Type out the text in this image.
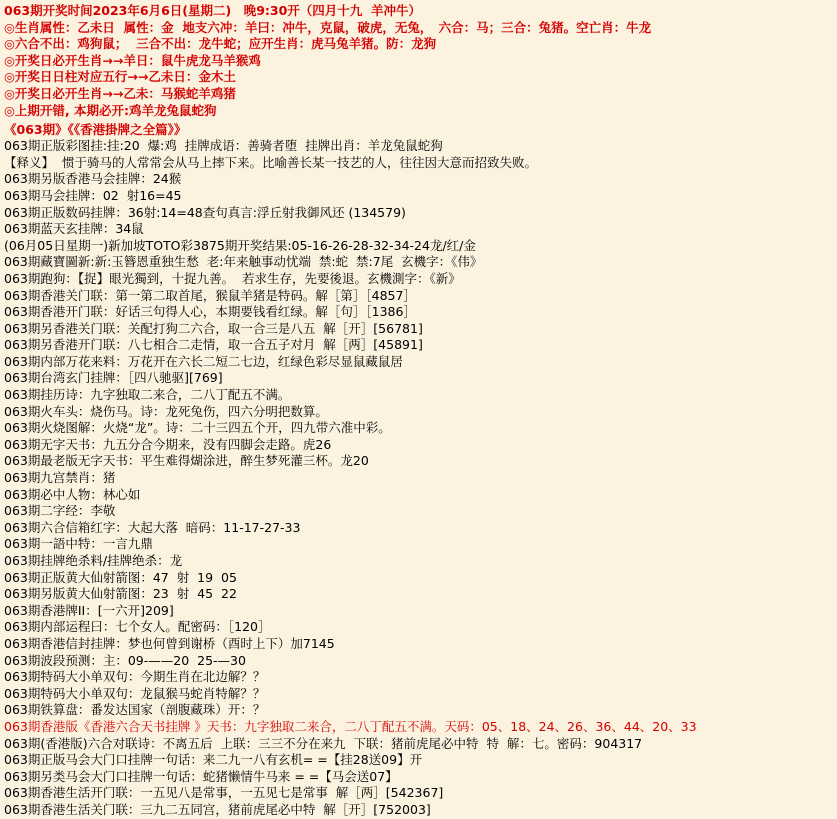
063期开奖时间2023年6月6日(星期二)　晚9:30开（四月十九  羊冲牛）
◎生肖属性：乙未日  属性：金  地支六冲：羊曰：冲牛，克鼠，破虎，无兔，　六合：马；三合：兔猪。空亡肖：牛龙
◎六合不出：鸡狗鼠；  三合不出：龙牛蛇；应开生肖：虎马兔羊猪。防：龙狗
◎开奖日必开生肖→→羊日：鼠牛虎龙马羊猴鸡
◎开奖日日柱对应五行→→乙未日：金木土
◎开奖日必开生肖→→乙未：马猴蛇羊鸡猪
◎上期开错, 本期必开:鸡羊龙兔鼠蛇狗
《063期》《《香港掛牌之全篇》》
063期正版彩图挂:挂:20  爆:鸡  挂牌成语：善骑者堕  挂牌出肖：羊龙兔鼠蛇狗
【释义】  惯于骑马的人常常会从马上摔下来。比喻善长某一技艺的人，往往因大意而招致失败。
063期另版香港马会挂牌：24猴
063期马会挂牌：02  射16=45
063期正版数码挂牌：36射:14=48查句真言:浮丘射我御风还 (134579)
063期蓝天玄挂牌：34鼠
(06月05日星期一)新加坡TOTO彩3875期开奖结果:05-16-26-28-32-34-24龙/红/金
063期藏寶圖新:新:玉簪恩重独生愁  老:年来触事动忧端  禁:蛇  禁:7尾  玄機字：《伟》
063期跑狗：【捉】眼光獨到，十捉九善。  若求生存，先要後退。玄機測字：《新》
063期香港关门联：第一第二取首尾，猴鼠羊猪是特码。解［第］［4857］
063期香港开门联：好话三句得人心，本期要钱看红绿。解［句］［1386］
063期另香港关门联：关配打狗二六合，取一合三是八五  解［开］[56781]
063期另香港开门联：八七相合二走情，取一合五子对月  解［两］[45891]
063期内部万花来料：万花开在六长二短二七边，红绿色彩尽显鼠藏鼠居
063期台湾玄门挂牌：［四八驰驱][769]
063期挂历诗：九字独取二来合，二八丁配五不满。
063期火车头：烧伤马。诗：龙死兔伤，四六分明把数算。
063期火烧图解：火烧“龙”。诗：二十三四五个开，四九带六准中彩。
063期无字天书：九五分合今期来，没有四脚会走路。虎26
063期最老版无字天书：平生难得煳涂进，醉生梦死灌三杯。龙20
063期九宫禁肖：猪
063期必中人物：林心如
063期二字经：李敬
063期六合信箱红字：大起大落  暗码：11-17-27-33
063期一語中特：一言九鼎
063期挂牌绝杀料/挂牌绝杀：龙
063期正版黄大仙射箭图：47  射  19  05
063期另版黄大仙射箭图：23  射  45  22
063期香港牌II：[一六开]209]
063期内部运程曰：七个女人。配密码：［120］
063期香港信封挂牌：梦也何曾到谢桥（酉时上下）加7145
063期波段预测：主：09-——20  25-—30
063期特码大小单双句：今期生肖在北边解？？
063期特码大小单双句：龙鼠猴马蛇肖特解？？
063期铁算盘：番发达国家（剖腹藏珠）开：？
063期香港版《香港六合天书挂牌 》天书：九字独取二来合，二八丁配五不满。天码：05、18、24、26、36、44、20、33
063期(香港版)六合对联诗：不离五后  上联：三三不分在来九  下联：猪前虎尾必中特  特  解：七。密码：904317
063期正版马会大门口挂牌一句话：来二九一八有玄机= =【挂28送09】开
063期另类马会大门口挂牌一句话：蛇猪懒情牛马来 = =【马会送07】
063期香港生活开门联：一五见八是常事，一五见七是常事  解［两］[542367]
063期香港生活关门联：三九二五同宫，猪前虎尾必中特  解［开］[752003]
